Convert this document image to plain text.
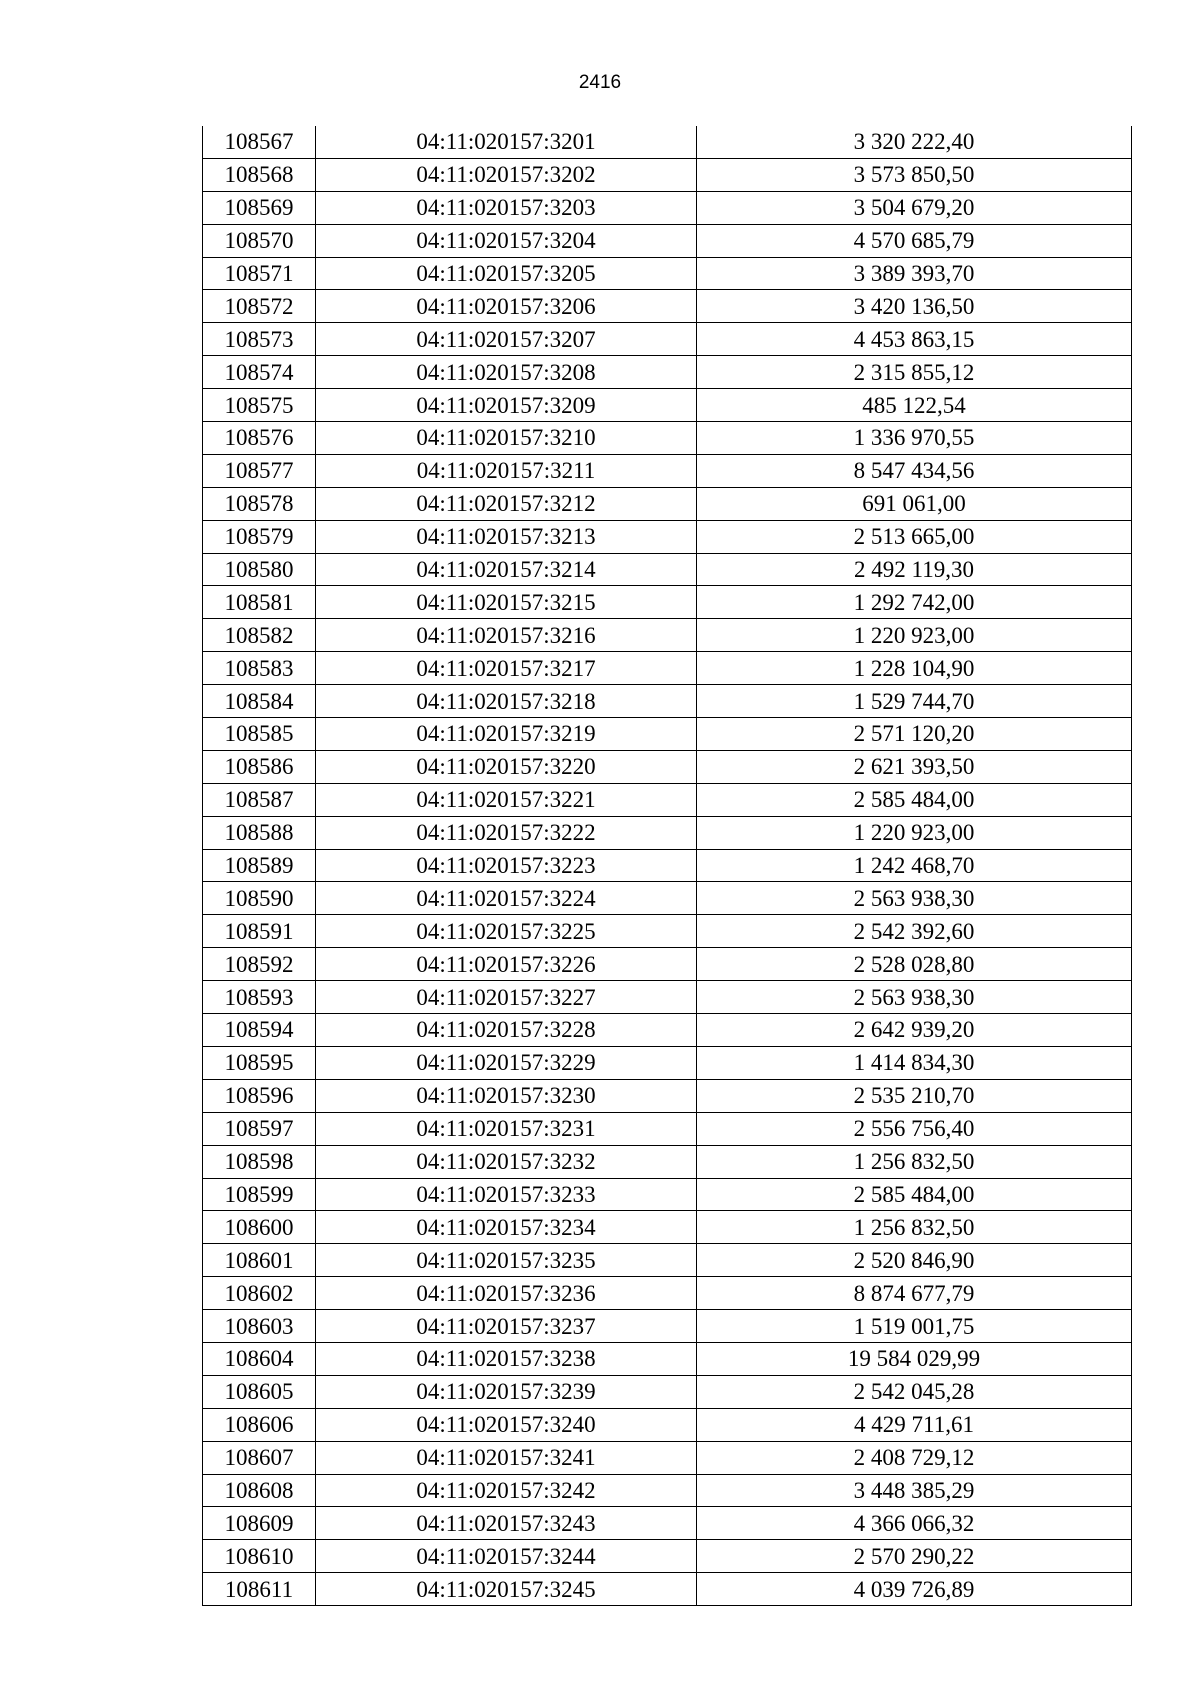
2416
108567	04:11:020157:3201	3 320 222,40
108568	04:11:020157:3202	3 573 850,50
108569	04:11:020157:3203	3 504 679,20
108570	04:11:020157:3204	4 570 685,79
108571	04:11:020157:3205	3 389 393,70
108572	04:11:020157:3206	3 420 136,50
108573	04:11:020157:3207	4 453 863,15
108574	04:11:020157:3208	2 315 855,12
108575	04:11:020157:3209	485 122,54
108576	04:11:020157:3210	1 336 970,55
108577	04:11:020157:3211	8 547 434,56
108578	04:11:020157:3212	691 061,00
108579	04:11:020157:3213	2 513 665,00
108580	04:11:020157:3214	2 492 119,30
108581	04:11:020157:3215	1 292 742,00
108582	04:11:020157:3216	1 220 923,00
108583	04:11:020157:3217	1 228 104,90
108584	04:11:020157:3218	1 529 744,70
108585	04:11:020157:3219	2 571 120,20
108586	04:11:020157:3220	2 621 393,50
108587	04:11:020157:3221	2 585 484,00
108588	04:11:020157:3222	1 220 923,00
108589	04:11:020157:3223	1 242 468,70
108590	04:11:020157:3224	2 563 938,30
108591	04:11:020157:3225	2 542 392,60
108592	04:11:020157:3226	2 528 028,80
108593	04:11:020157:3227	2 563 938,30
108594	04:11:020157:3228	2 642 939,20
108595	04:11:020157:3229	1 414 834,30
108596	04:11:020157:3230	2 535 210,70
108597	04:11:020157:3231	2 556 756,40
108598	04:11:020157:3232	1 256 832,50
108599	04:11:020157:3233	2 585 484,00
108600	04:11:020157:3234	1 256 832,50
108601	04:11:020157:3235	2 520 846,90
108602	04:11:020157:3236	8 874 677,79
108603	04:11:020157:3237	1 519 001,75
108604	04:11:020157:3238	19 584 029,99
108605	04:11:020157:3239	2 542 045,28
108606	04:11:020157:3240	4 429 711,61
108607	04:11:020157:3241	2 408 729,12
108608	04:11:020157:3242	3 448 385,29
108609	04:11:020157:3243	4 366 066,32
108610	04:11:020157:3244	2 570 290,22
108611	04:11:020157:3245	4 039 726,89
